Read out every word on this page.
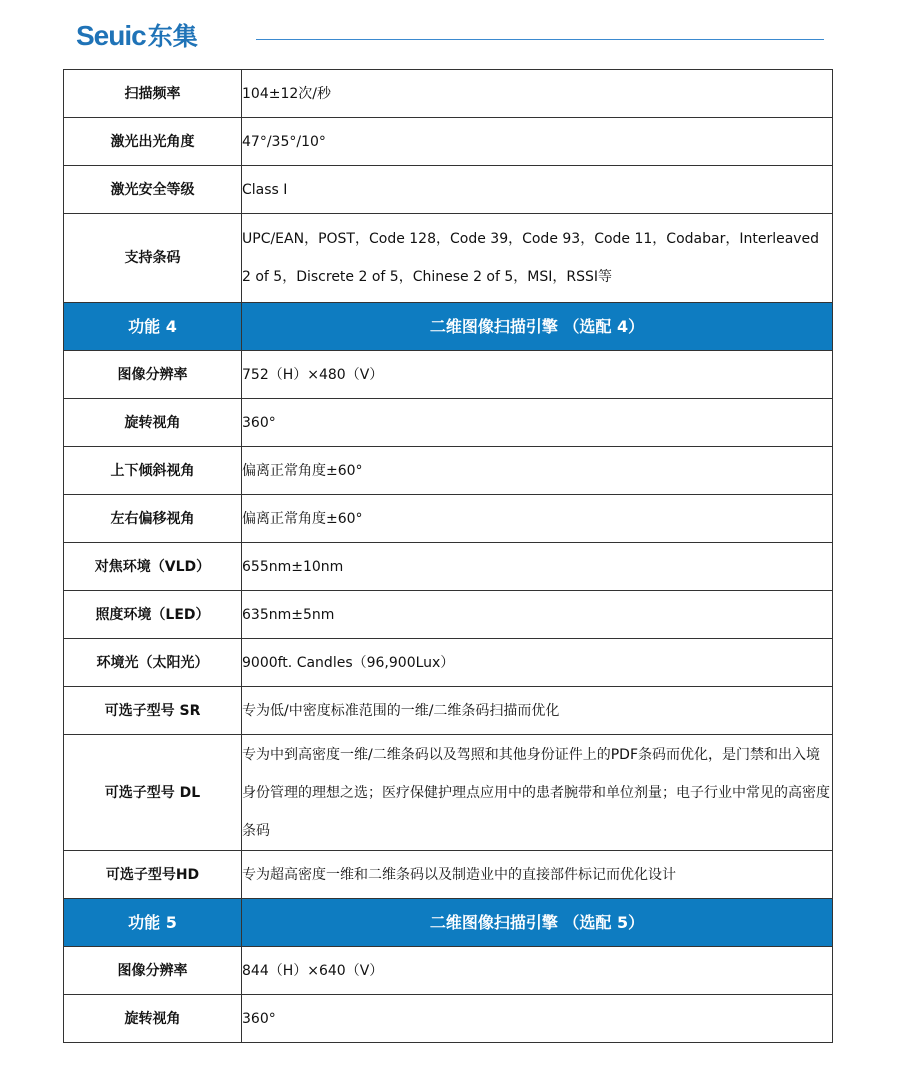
Seuic 东集
扫描频率	104±12次/秒
激光出光角度	47°/35°/10°
激光安全等级	Class I
支持条码	UPC/EAN，POST，Code 128，Code 39，Code 93，Code 11，Codabar，Interleaved 2 of 5，Discrete 2 of 5，Chinese 2 of 5，MSI，RSSI等
功能 4	二维图像扫描引擎 （选配 4）
图像分辨率	752（H）×480（V）
旋转视角	360°
上下倾斜视角	偏离正常角度±60°
左右偏移视角	偏离正常角度±60°
对焦环境（VLD）	655nm±10nm
照度环境（LED）	635nm±5nm
环境光（太阳光）	9000ft. Candles（96,900Lux）
可选子型号 SR	专为低/中密度标准范围的一维/二维条码扫描而优化
可选子型号 DL	专为中到高密度一维/二维条码以及驾照和其他身份证件上的PDF条码而优化，是门禁和出入境身份管理的理想之选；医疗保健护理点应用中的患者腕带和单位剂量；电子行业中常见的高密度条码
可选子型号HD	专为超高密度一维和二维条码以及制造业中的直接部件标记而优化设计
功能 5	二维图像扫描引擎 （选配 5）
图像分辨率	844（H）×640（V）
旋转视角	360°
